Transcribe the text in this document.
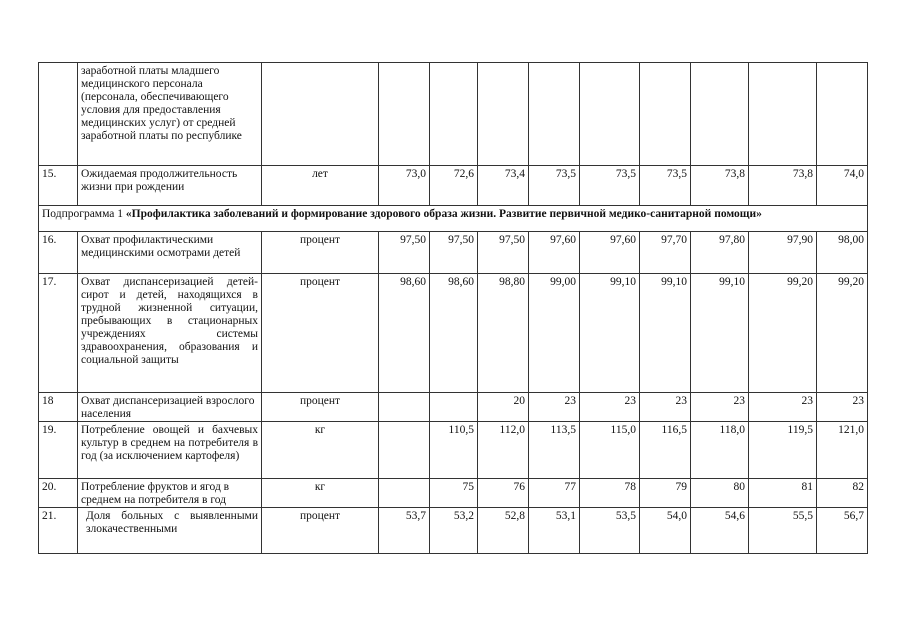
	заработной платы младшего медицинского персонала (персонала, обеспечивающего условия для предоставления медицинских услуг) от средней заработной платы по республике										
15.	Ожидаемая продолжительность жизни при рождении	лет	73,0	72,6	73,4	73,5	73,5	73,5	73,8	73,8	74,0
Подпрограмма 1 «Профилактика заболеваний и формирование здорового образа жизни. Развитие первичной медико-санитарной помощи»											
16.	Охват профилактическими медицинскими осмотрами детей	процент	97,50	97,50	97,50	97,60	97,60	97,70	97,80	97,90	98,00
17.	Охват диспансеризацией детей-сирот и детей, находящихся в трудной жизненной ситуации, пребывающих в стационарных учреждениях системы здравоохранения, образования и социальной защиты	процент	98,60	98,60	98,80	99,00	99,10	99,10	99,10	99,20	99,20
18	Охват диспансеризацией взрослого населения	процент			20	23	23	23	23	23	23
19.	Потребление овощей и бахчевых культур в среднем на потребителя в год (за исключением картофеля)	кг		110,5	112,0	113,5	115,0	116,5	118,0	119,5	121,0
20.	Потребление фруктов и ягод в среднем на потребителя в год	кг		75	76	77	78	79	80	81	82
21.	Доля больных с выявленными злокачественными	процент	53,7	53,2	52,8	53,1	53,5	54,0	54,6	55,5	56,7
